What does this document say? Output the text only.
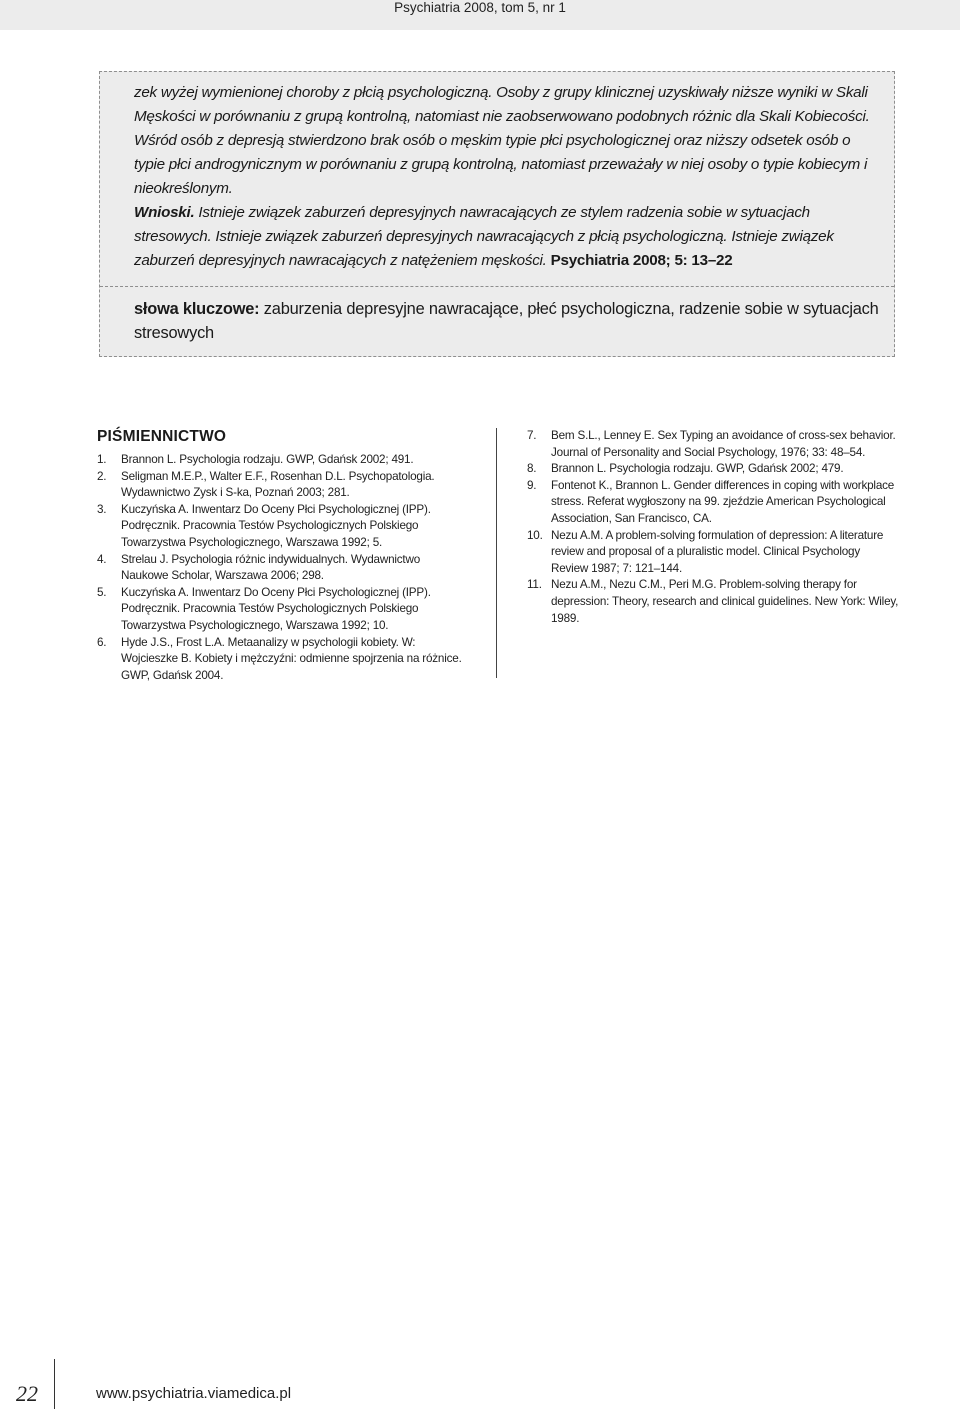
Psychiatria 2008, tom 5, nr 1
zek wyżej wymienionej choroby z płcią psychologiczną. Osoby z grupy klinicznej uzyskiwały niższe wyniki w Skali Męskości w porównaniu z grupą kontrolną, natomiast nie zaobserwowano podobnych różnic dla Skali Kobiecości. Wśród osób z depresją stwierdzono brak osób o męskim typie płci psychologicznej oraz niższy odsetek osób o typie płci androgynicznym w porównaniu z grupą kontrolną, natomiast przeważały w niej osoby o typie kobiecym i nieokreślonym.
Wnioski. Istnieje związek zaburzeń depresyjnych nawracających ze stylem radzenia sobie w sytuacjach stresowych. Istnieje związek zaburzeń depresyjnych nawracających z płcią psychologiczną. Istnieje związek zaburzeń depresyjnych nawracających z natężeniem męskości. Psychiatria 2008; 5: 13–22
słowa kluczowe: zaburzenia depresyjne nawracające, płeć psychologiczna, radzenie sobie w sytuacjach stresowych
PIŚMIENNICTWO
1. Brannon L. Psychologia rodzaju. GWP, Gdańsk 2002; 491.
2. Seligman M.E.P., Walter E.F., Rosenhan D.L. Psychopatologia. Wydawnictwo Zysk i S-ka, Poznań 2003; 281.
3. Kuczyńska A. Inwentarz Do Oceny Płci Psychologicznej (IPP). Podręcznik. Pracownia Testów Psychologicznych Polskiego Towarzystwa Psychologicznego, Warszawa 1992; 5.
4. Strelau J. Psychologia różnic indywidualnych. Wydawnictwo Naukowe Scholar, Warszawa 2006; 298.
5. Kuczyńska A. Inwentarz Do Oceny Płci Psychologicznej (IPP). Podręcznik. Pracownia Testów Psychologicznych Polskiego Towarzystwa Psychologicznego, Warszawa 1992; 10.
6. Hyde J.S., Frost L.A. Metaanalizy w psychologii kobiety. W: Wojcieszke B. Kobiety i mężczyźni: odmienne spojrzenia na różnice. GWP, Gdańsk 2004.
7. Bem S.L., Lenney E. Sex Typing an avoidance of cross-sex behavior. Journal of Personality and Social Psychology, 1976; 33: 48–54.
8. Brannon L. Psychologia rodzaju. GWP, Gdańsk 2002; 479.
9. Fontenot K., Brannon L. Gender differences in coping with workplace stress. Referat wygłoszony na 99. zjeździe American Psychological Association, San Francisco, CA.
10. Nezu A.M. A problem-solving formulation of depression: A literature review and proposal of a pluralistic model. Clinical Psychology Review 1987; 7: 121–144.
11. Nezu A.M., Nezu C.M., Peri M.G. Problem-solving therapy for depression: Theory, research and clinical guidelines. New York: Wiley, 1989.
22	www.psychiatria.viamedica.pl
